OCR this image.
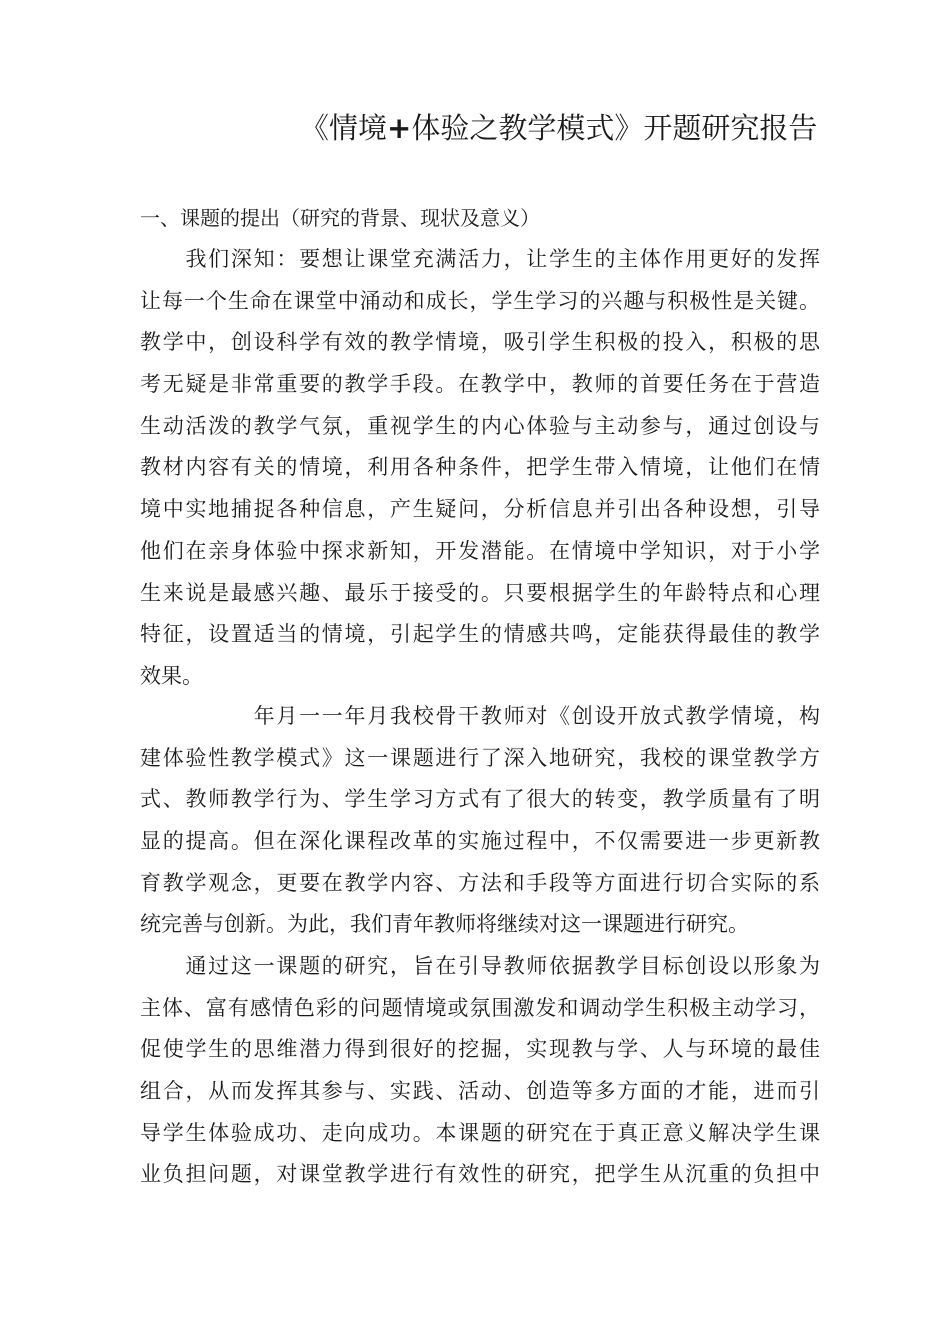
《情境+体验之教学模式》开题研究报告
一、课题的提出（研究的背景、现状及意义）
　　我们深知：要想让课堂充满活力，让学生的主体作用更好的发挥
让每一个生命在课堂中涌动和成长，学生学习的兴趣与积极性是关键。
教学中，创设科学有效的教学情境，吸引学生积极的投入，积极的思
考无疑是非常重要的教学手段。在教学中，教师的首要任务在于营造
生动活泼的教学气氛，重视学生的内心体验与主动参与，通过创设与
教材内容有关的情境，利用各种条件，把学生带入情境，让他们在情
境中实地捕捉各种信息，产生疑问，分析信息并引出各种设想，引导
他们在亲身体验中探求新知，开发潜能。在情境中学知识，对于小学
生来说是最感兴趣、最乐于接受的。只要根据学生的年龄特点和心理
特征，设置适当的情境，引起学生的情感共鸣，定能获得最佳的教学
效果。
　　　　　年月一一年月我校骨干教师对《创设开放式教学情境，构
建体验性教学模式》这一课题进行了深入地研究，我校的课堂教学方
式、教师教学行为、学生学习方式有了很大的转变，教学质量有了明
显的提高。但在深化课程改革的实施过程中，不仅需要进一步更新教
育教学观念，更要在教学内容、方法和手段等方面进行切合实际的系
统完善与创新。为此，我们青年教师将继续对这一课题进行研究。
　　通过这一课题的研究，旨在引导教师依据教学目标创设以形象为
主体、富有感情色彩的问题情境或氛围激发和调动学生积极主动学习，
促使学生的思维潜力得到很好的挖掘，实现教与学、人与环境的最佳
组合，从而发挥其参与、实践、活动、创造等多方面的才能，进而引
导学生体验成功、走向成功。本课题的研究在于真正意义解决学生课
业负担问题，对课堂教学进行有效性的研究，把学生从沉重的负担中
